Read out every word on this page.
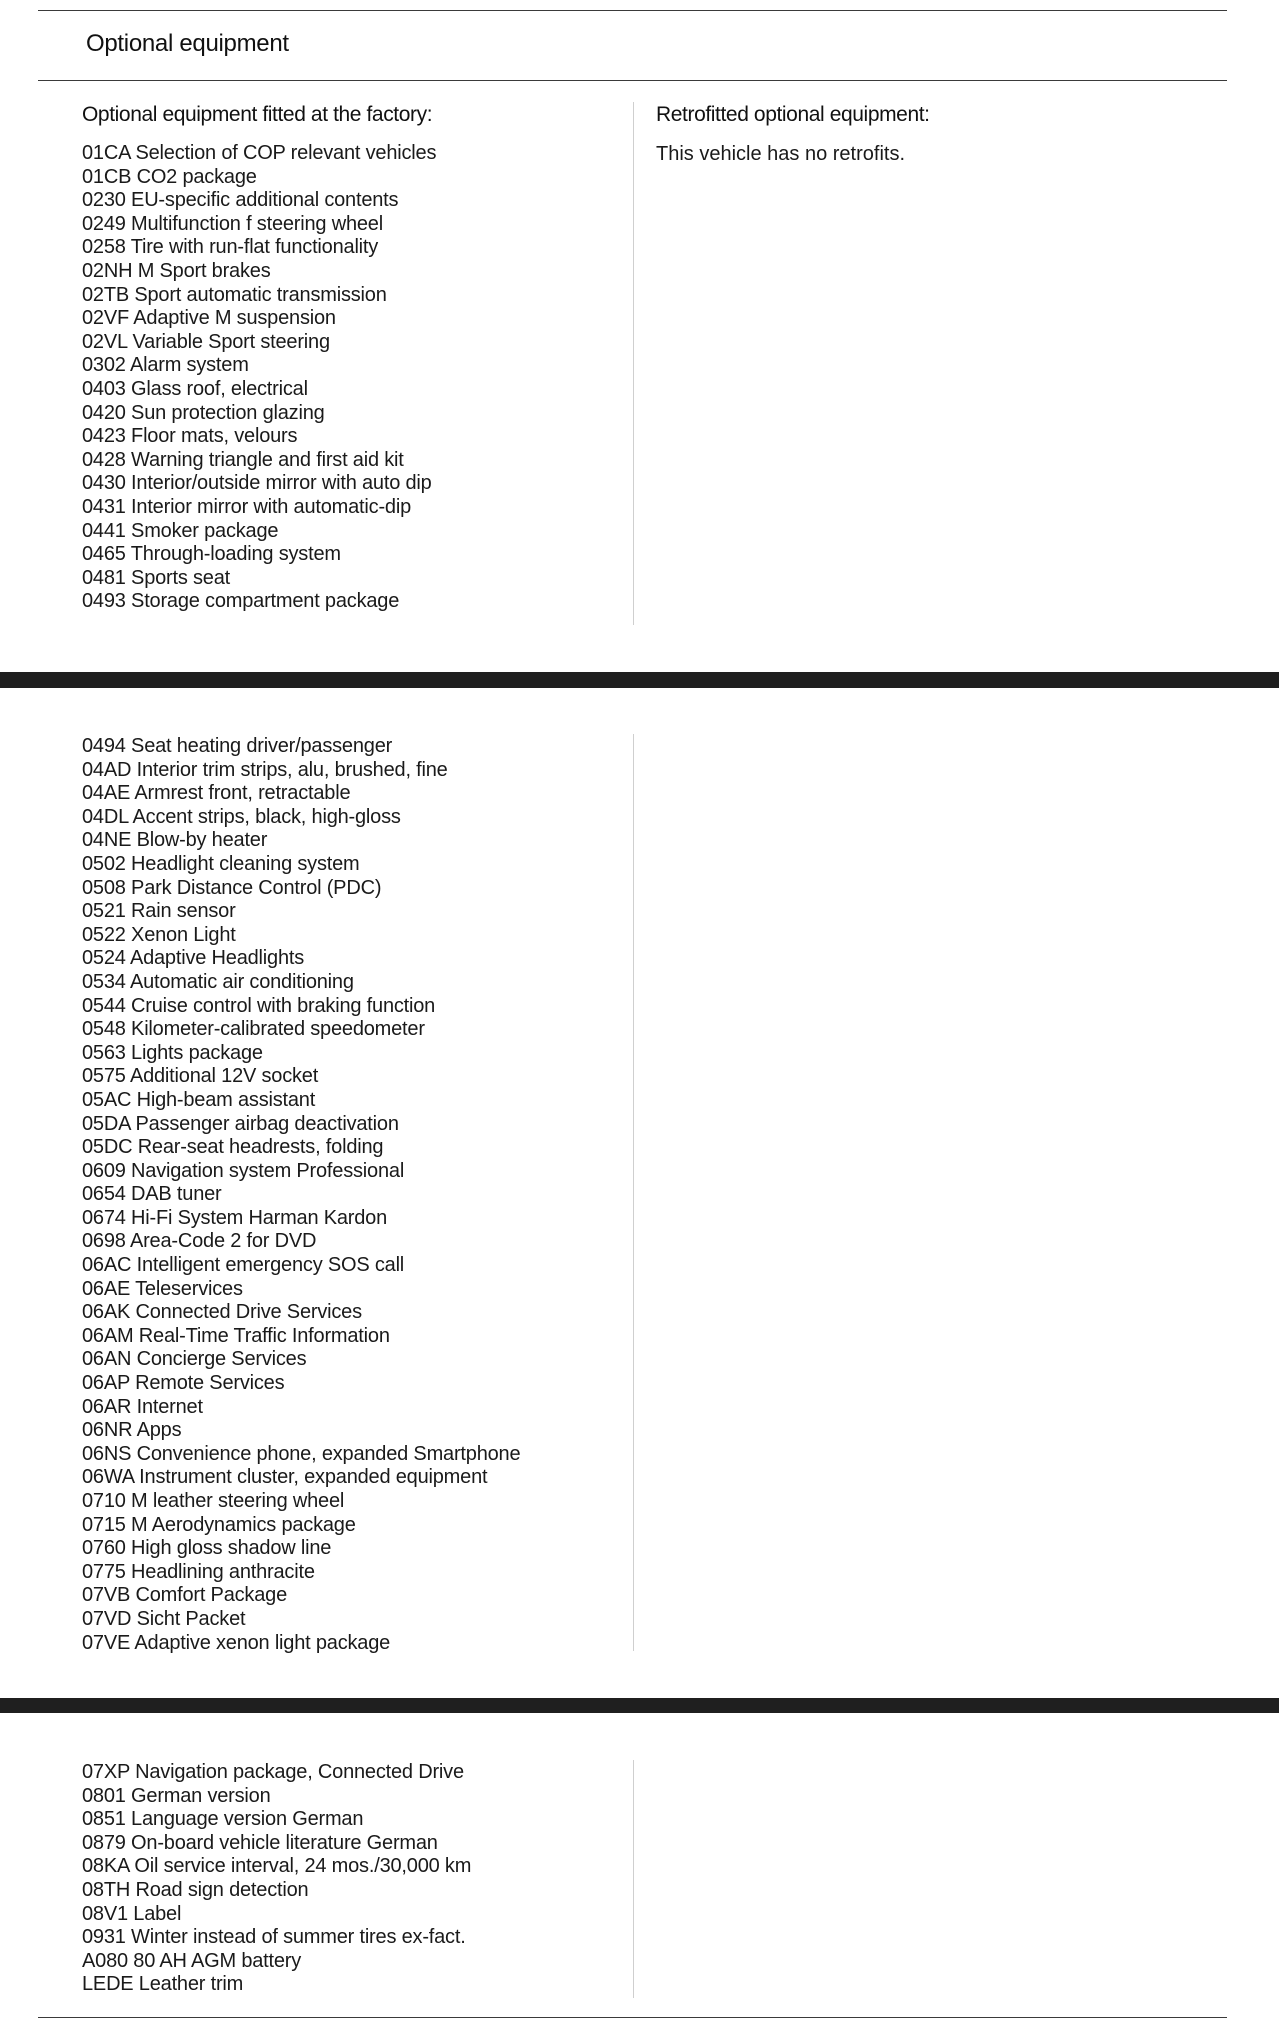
Optional equipment
Optional equipment fitted at the factory:	Retrofitted optional equipment:
This vehicle has no retrofits.
01CA Selection of COP relevant vehicles
01CB CO2 package
0230 EU-specific additional contents
0249 Multifunction f steering wheel
0258 Tire with run-flat functionality
02NH M Sport brakes
02TB Sport automatic transmission
02VF Adaptive M suspension
02VL Variable Sport steering
0302 Alarm system
0403 Glass roof, electrical
0420 Sun protection glazing
0423 Floor mats, velours
0428 Warning triangle and first aid kit
0430 Interior/outside mirror with auto dip
0431 Interior mirror with automatic-dip
0441 Smoker package
0465 Through-loading system
0481 Sports seat
0493 Storage compartment package
0494 Seat heating driver/passenger
04AD Interior trim strips, alu, brushed, fine
04AE Armrest front, retractable
04DL Accent strips, black, high-gloss
04NE Blow-by heater
0502 Headlight cleaning system
0508 Park Distance Control (PDC)
0521 Rain sensor
0522 Xenon Light
0524 Adaptive Headlights
0534 Automatic air conditioning
0544 Cruise control with braking function
0548 Kilometer-calibrated speedometer
0563 Lights package
0575 Additional 12V socket
05AC High-beam assistant
05DA Passenger airbag deactivation
05DC Rear-seat headrests, folding
0609 Navigation system Professional
0654 DAB tuner
0674 Hi-Fi System Harman Kardon
0698 Area-Code 2 for DVD
06AC Intelligent emergency SOS call
06AE Teleservices
06AK Connected Drive Services
06AM Real-Time Traffic Information
06AN Concierge Services
06AP Remote Services
06AR Internet
06NR Apps
06NS Convenience phone, expanded Smartphone
06WA Instrument cluster, expanded equipment
0710 M leather steering wheel
0715 M Aerodynamics package
0760 High gloss shadow line
0775 Headlining anthracite
07VB Comfort Package
07VD Sicht Packet
07VE Adaptive xenon light package
07XP Navigation package, Connected Drive
0801 German version
0851 Language version German
0879 On-board vehicle literature German
08KA Oil service interval, 24 mos./30,000 km
08TH Road sign detection
08V1 Label
0931 Winter instead of summer tires ex-fact.
A080 80 AH AGM battery
LEDE Leather trim
